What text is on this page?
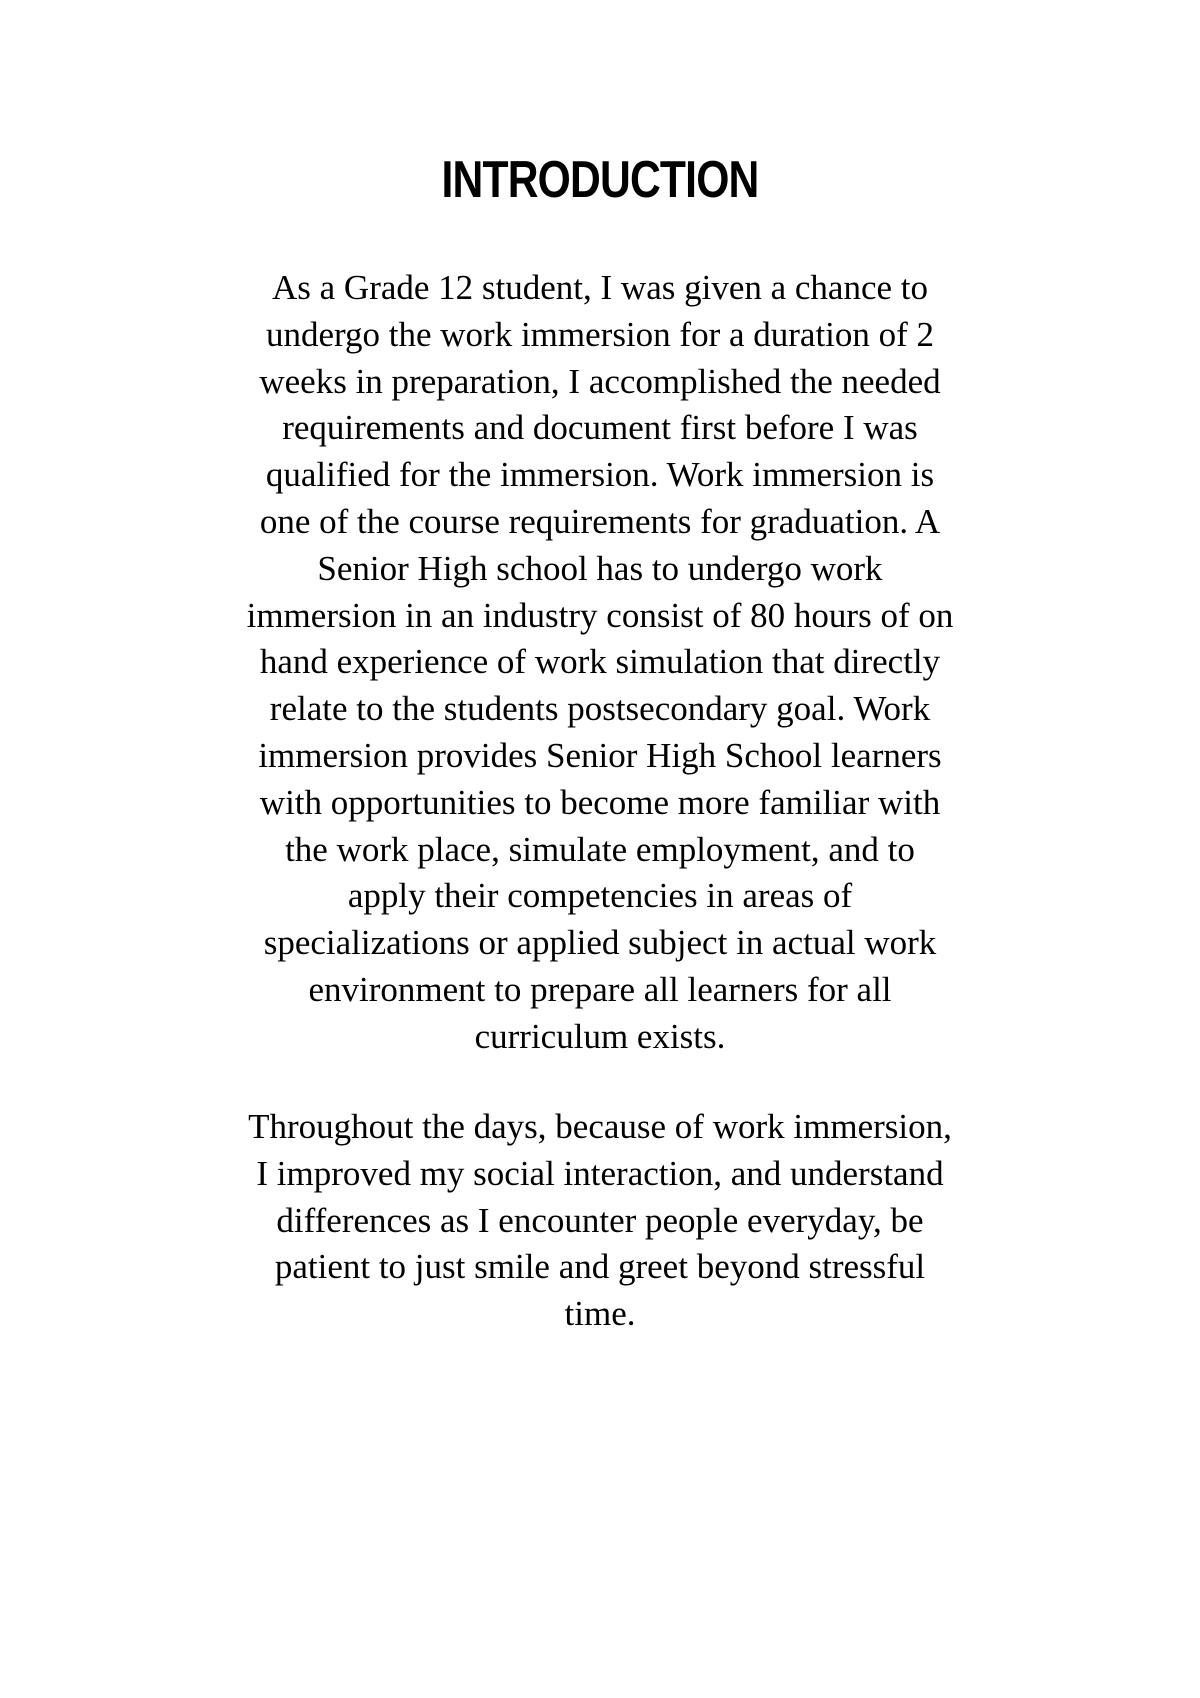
INTRODUCTION
As a Grade 12 student, I was given a chance to
undergo the work immersion for a duration of 2
weeks in preparation, I accomplished the needed
requirements and document first before I was
qualified for the immersion. Work immersion is
one of the course requirements for graduation. A
Senior High school has to undergo work
immersion in an industry consist of 80 hours of on
hand experience of work simulation that directly
relate to the students postsecondary goal. Work
immersion provides Senior High School learners
with opportunities to become more familiar with
the work place, simulate employment, and to
apply their competencies in areas of
specializations or applied subject in actual work
environment to prepare all learners for all
curriculum exists.
Throughout the days, because of work immersion,
I improved my social interaction, and understand
differences as I encounter people everyday, be
patient to just smile and greet beyond stressful
time.
